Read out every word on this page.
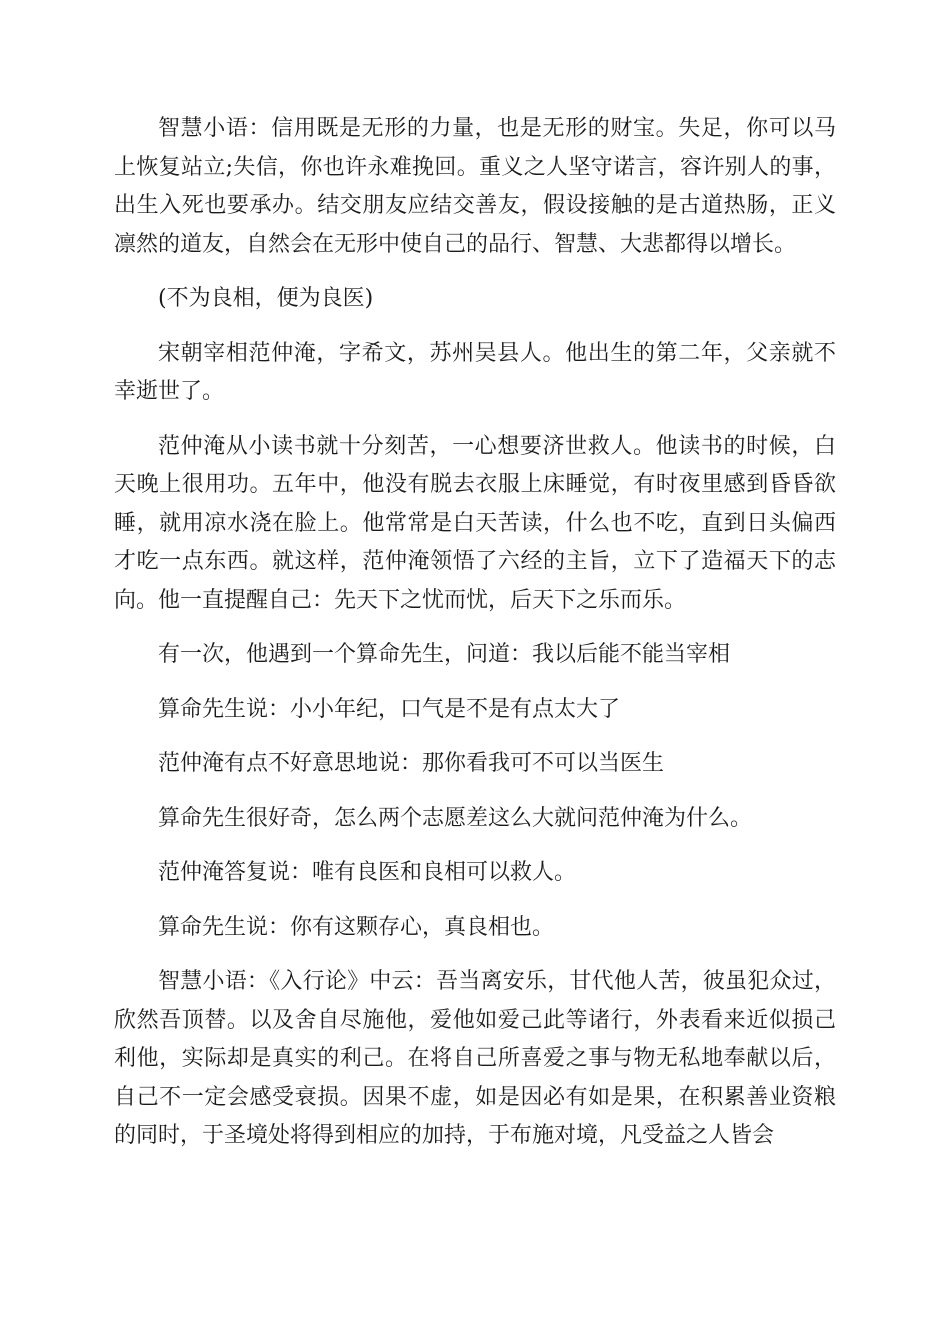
智慧小语：信用既是无形的力量，也是无形的财宝。失足，你可以马上恢复站立;失信，你也许永难挽回。重义之人坚守诺言，容许别人的事，出生入死也要承办。结交朋友应结交善友，假设接触的是古道热肠，正义凛然的道友，自然会在无形中使自己的品行、智慧、大悲都得以增长。

(不为良相，便为良医)

宋朝宰相范仲淹，字希文，苏州吴县人。他出生的第二年，父亲就不幸逝世了。

范仲淹从小读书就十分刻苦，一心想要济世救人。他读书的时候，白天晚上很用功。五年中，他没有脱去衣服上床睡觉，有时夜里感到昏昏欲睡，就用凉水浇在脸上。他常常是白天苦读，什么也不吃，直到日头偏西才吃一点东西。就这样，范仲淹领悟了六经的主旨，立下了造福天下的志向。他一直提醒自己：先天下之忧而忧，后天下之乐而乐。

有一次，他遇到一个算命先生，问道：我以后能不能当宰相

算命先生说：小小年纪，口气是不是有点太大了

范仲淹有点不好意思地说：那你看我可不可以当医生

算命先生很好奇，怎么两个志愿差这么大就问范仲淹为什么。

范仲淹答复说：唯有良医和良相可以救人。

算命先生说：你有这颗存心，真良相也。

智慧小语：《入行论》中云：吾当离安乐，甘代他人苦，彼虽犯众过，欣然吾顶替。以及舍自尽施他，爱他如爱己此等诸行，外表看来近似损己利他，实际却是真实的利己。在将自己所喜爱之事与物无私地奉献以后，自己不一定会感受衰损。因果不虚，如是因必有如是果，在积累善业资粮的同时，于圣境处将得到相应的加持，于布施对境，凡受益之人皆会
